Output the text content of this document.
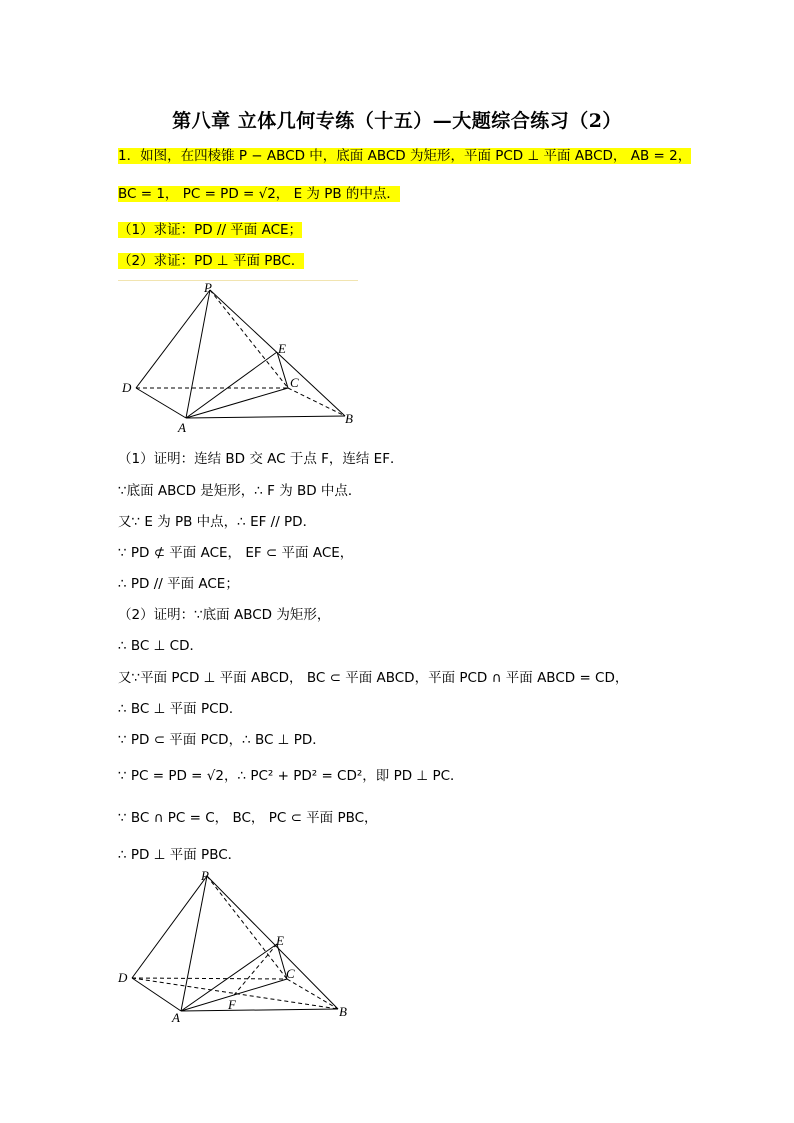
第八章 立体几何专练（十五）—大题综合练习（2）
1．如图，在四棱锥 P − ABCD 中，底面 ABCD 为矩形，平面 PCD ⊥ 平面 ABCD， AB = 2，
BC = 1， PC = PD = √2， E 为 PB 的中点．
（1）求证：PD // 平面 ACE；
（2）求证：PD ⊥ 平面 PBC．
P
D
A
B
C
E
（1）证明：连结 BD 交 AC 于点 F，连结 EF．
∵底面 ABCD 是矩形，∴ F 为 BD 中点．
又∵ E 为 PB 中点，∴ EF // PD．
∵ PD ⊄ 平面 ACE， EF ⊂ 平面 ACE，
∴ PD // 平面 ACE；
（2）证明：∵底面 ABCD 为矩形，
∴ BC ⊥ CD．
又∵平面 PCD ⊥ 平面 ABCD， BC ⊂ 平面 ABCD，平面 PCD ∩ 平面 ABCD = CD，
∴ BC ⊥ 平面 PCD．
∵ PD ⊂ 平面 PCD，∴ BC ⊥ PD．
∵ PC = PD = √2，∴ PC² + PD² = CD²，即 PD ⊥ PC．
∵ BC ∩ PC = C， BC， PC ⊂ 平面 PBC，
∴ PD ⊥ 平面 PBC．
P
D
A	B
C
E
F
